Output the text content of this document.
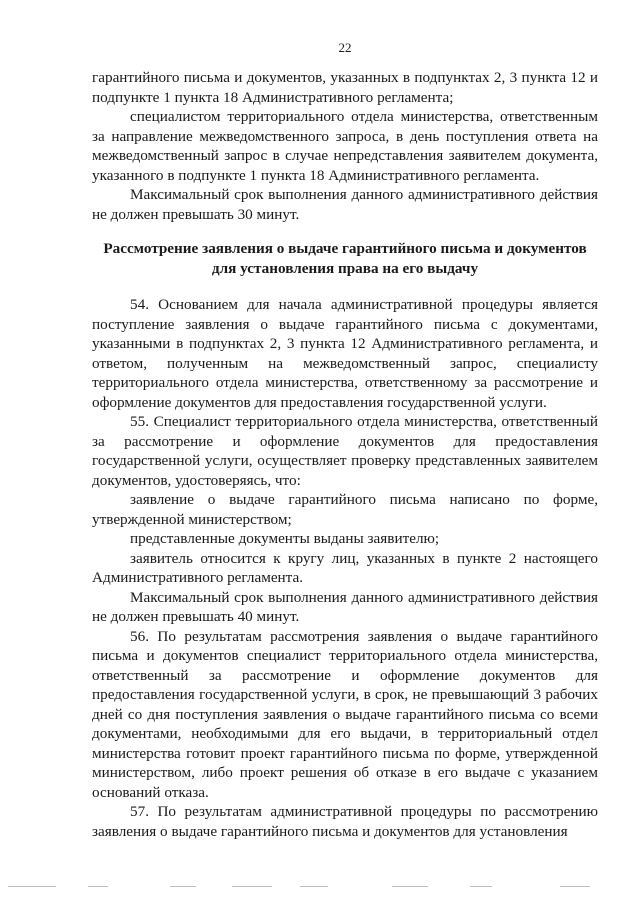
22

гарантийного письма и документов, указанных в подпунктах 2, 3 пункта 12 и подпункте 1 пункта 18 Административного регламента;

специалистом территориального отдела министерства, ответственным за направление межведомственного запроса, в день поступления ответа на межведомственный запрос в случае непредставления заявителем документа, указанного в подпункте 1 пункта 18 Административного регламента.

Максимальный срок выполнения данного административного действия не должен превышать 30 минут.

Рассмотрение заявления о выдаче гарантийного письма и документов

для установления права на его выдачу

54. Основанием для начала административной процедуры является поступление заявления о выдаче гарантийного письма с документами, указанными в подпунктах 2, 3 пункта 12 Административного регламента, и ответом, полученным на межведомственный запрос, специалисту территориального отдела министерства, ответственному за рассмотрение и оформление документов для предоставления государственной услуги.

55. Специалист территориального отдела министерства, ответственный за рассмотрение и оформление документов для предоставления государственной услуги, осуществляет проверку представленных заявителем документов, удостоверяясь, что:

заявление о выдаче гарантийного письма написано по форме, утвержденной министерством;

представленные документы выданы заявителю;

заявитель относится к кругу лиц, указанных в пункте 2 настоящего Административного регламента.

Максимальный срок выполнения данного административного действия не должен превышать 40 минут.

56. По результатам рассмотрения заявления о выдаче гарантийного письма и документов специалист территориального отдела министерства, ответственный за рассмотрение и оформление документов для предоставления государственной услуги, в срок, не превышающий 3 рабочих дней со дня поступления заявления о выдаче гарантийного письма со всеми документами, необходимыми для его выдачи, в территориальный отдел министерства готовит проект гарантийного письма по форме, утвержденной министерством, либо проект решения об отказе в его выдаче с указанием оснований отказа.

57. По результатам административной процедуры по рассмотрению заявления о выдаче гарантийного письма и документов для установления
